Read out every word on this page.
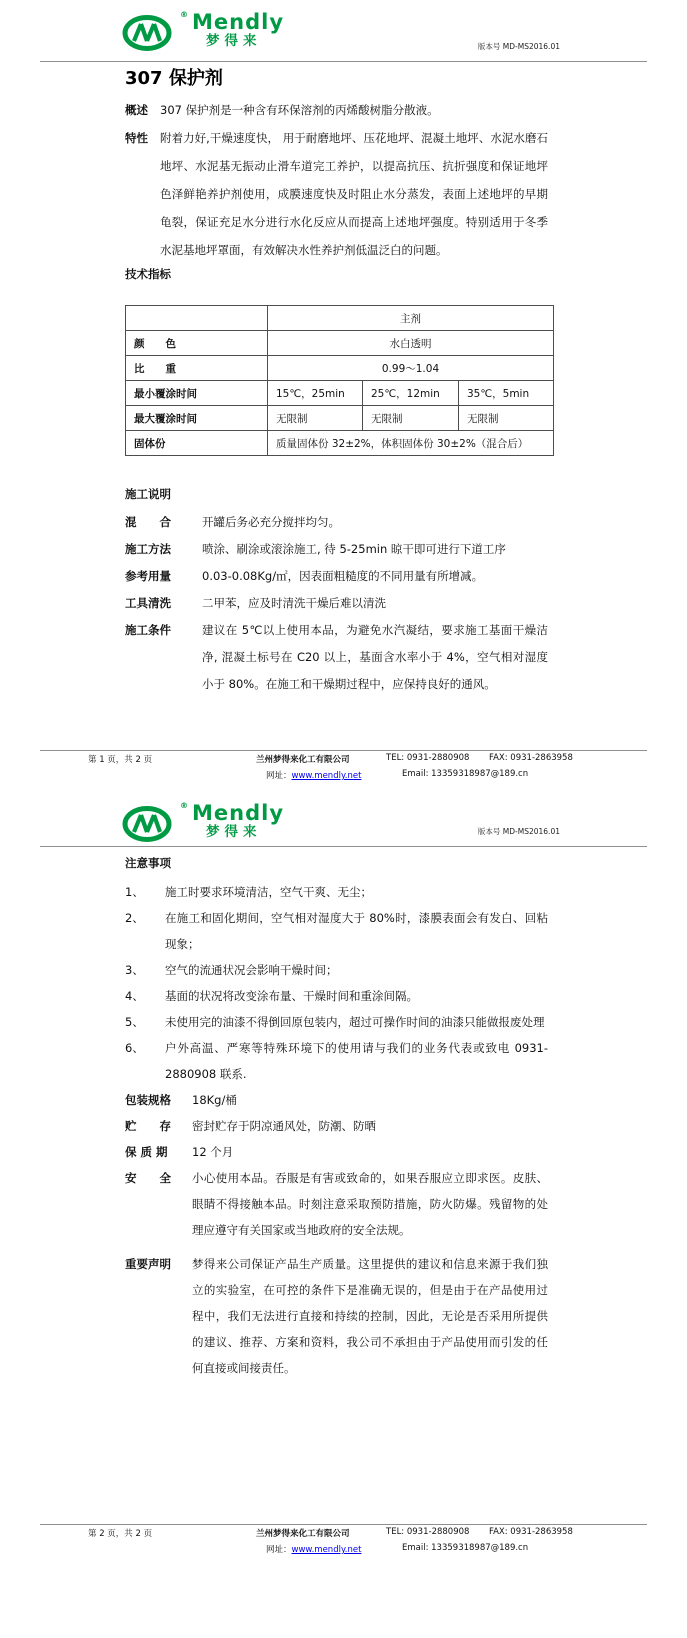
® Mendly
梦得来	版本号 MD-MS2016.01
307 保护剂
概述	307 保护剂是一种含有环保溶剂的丙烯酸树脂分散液。
特性	附着力好,干燥速度快， 用于耐磨地坪、压花地坪、混凝土地坪、水泥水磨石地坪、水泥基无振动止滑车道完工养护，以提高抗压、抗折强度和保证地坪色泽鲜艳养护剂使用，成膜速度快及时阻止水分蒸发，表面上述地坪的早期龟裂，保证充足水分进行水化反应从而提高上述地坪强度。特别适用于冬季水泥基地坪罩面，有效解决水性养护剂低温泛白的问题。
技术指标
	主剂		
颜　　色	水白透明		
比　　重	0.99～1.04		
最小覆涂时间	15℃，25min	25℃，12min	35℃，5min
最大覆涂时间	无限制	无限制	无限制
固体份	质量固体份 32±2%，体积固体份 30±2%（混合后）		
施工说明
混　　合	开罐后务必充分搅拌均匀。
施工方法	喷涂、刷涂或滚涂施工, 待 5-25min 晾干即可进行下道工序
参考用量	0.03-0.08Kg/㎡，因表面粗糙度的不同用量有所增减。
工具清洗	二甲苯，应及时清洗干燥后难以清洗
施工条件	建议在 5℃以上使用本品，为避免水汽凝结，要求施工基面干燥洁净, 混凝土标号在 C20 以上，基面含水率小于 4%，空气相对湿度小于 80%。在施工和干燥期过程中，应保持良好的通风。
第 1 页，共 2 页	兰州梦得来化工有限公司	TEL: 0931-2880908 FAX: 0931-2863958
网址：www.mendly.net	Email: 13359318987@189.cn
® Mendly
梦得来	版本号 MD-MS2016.01
注意事项
1、	施工时要求环境清洁，空气干爽、无尘；
2、	在施工和固化期间，空气相对湿度大于 80%时，漆膜表面会有发白、回粘现象；
3、	空气的流通状况会影响干燥时间；
4、	基面的状况将改变涂布量、干燥时间和重涂间隔。
5、	未使用完的油漆不得倒回原包装内，超过可操作时间的油漆只能做报废处理
6、	户外高温、严寒等特殊环境下的使用请与我们的业务代表或致电 0931-2880908 联系.
包装规格	18Kg/桶
贮　　存	密封贮存于阴凉通风处，防潮、防晒
保 质 期	12 个月
安　　全	小心使用本品。吞服是有害或致命的，如果吞服应立即求医。皮肤、眼睛不得接触本品。时刻注意采取预防措施，防火防爆。残留物的处理应遵守有关国家或当地政府的安全法规。
重要声明	梦得来公司保证产品生产质量。这里提供的建议和信息来源于我们独立的实验室，在可控的条件下是准确无误的，但是由于在产品使用过程中，我们无法进行直接和持续的控制，因此，无论是否采用所提供的建议、推荐、方案和资料，我公司不承担由于产品使用而引发的任何直接或间接责任。
第 2 页，共 2 页	兰州梦得来化工有限公司	TEL: 0931-2880908 FAX: 0931-2863958
网址：www.mendly.net	Email: 13359318987@189.cn
